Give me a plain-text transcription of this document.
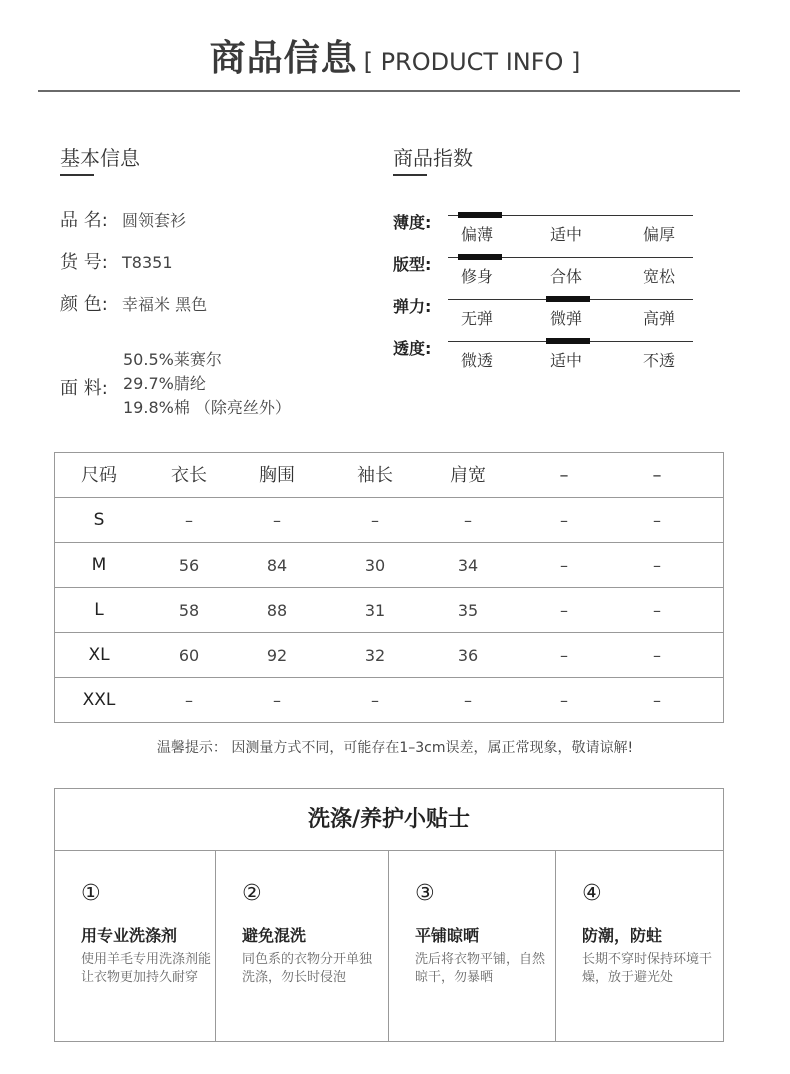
商品信息 [ PRODUCT INFO ]
基本信息
品 名: 圆领套衫
货 号: T8351
颜 色: 幸福米 黑色
面 料:
50.5%莱赛尔
29.7%腈纶
19.8%棉 （除亮丝外）
商品指数
薄度:
偏薄	适中	偏厚
版型:
修身	合体	宽松
弹力:
无弹	微弹	高弹
透度:
微透	适中	不透
尺码	衣长	胸围	袖长	肩宽	–	–
S	–	–	–	–	–	–
M	56	84	30	34	–	–
L	58	88	31	35	–	–
XL	60	92	32	36	–	–
XXL	–	–	–	–	–	–
温馨提示： 因测量方式不同，可能存在1–3cm误差，属正常现象，敬请谅解!
洗涤/养护小贴士
①
用专业洗涤剂
使用羊毛专用洗涤剂能让衣物更加持久耐穿
②
避免混洗
同色系的衣物分开单独洗涤，勿长时侵泡
③
平铺晾晒
洗后将衣物平铺，自然晾干，勿暴晒
④
防潮，防蛀
长期不穿时保持环境干燥，放于避光处
